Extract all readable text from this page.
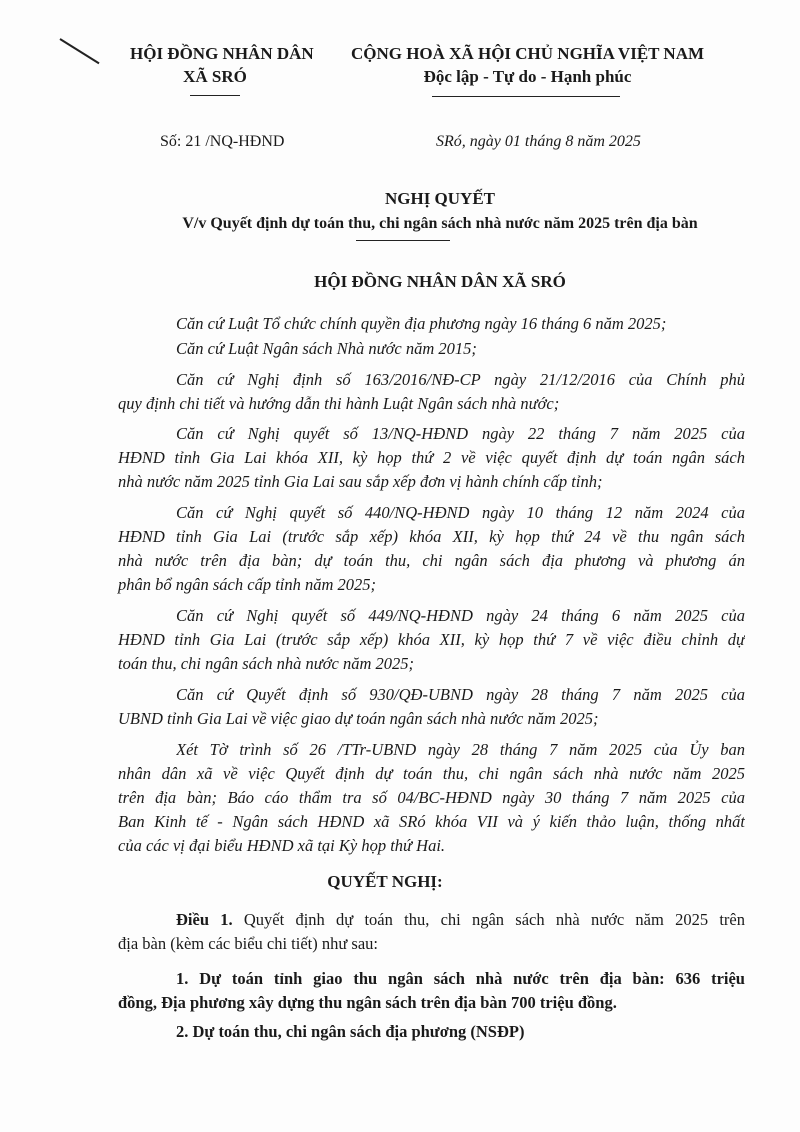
HỘI ĐỒNG NHÂN DÂN
XÃ SRÓ
CỘNG HOÀ XÃ HỘI CHỦ NGHĨA VIỆT NAM
Độc lập - Tự do - Hạnh phúc
Số: 21 /NQ-HĐND	SRó, ngày 01 tháng 8 năm 2025
NGHỊ QUYẾT
V/v Quyết định dự toán thu, chi ngân sách nhà nước năm 2025 trên địa bàn
HỘI ĐỒNG NHÂN DÂN XÃ SRÓ
Căn cứ Luật Tổ chức chính quyền địa phương ngày 16 tháng 6 năm 2025;
Căn cứ Luật Ngân sách Nhà nước năm 2015;
Căn cứ Nghị định số 163/2016/NĐ-CP ngày 21/12/2016 của Chính phủ
quy định chi tiết và hướng dẫn thi hành Luật Ngân sách nhà nước;
Căn cứ Nghị quyết số 13/NQ-HĐND ngày 22 tháng 7 năm 2025 của
HĐND tỉnh Gia Lai khóa XII, kỳ họp thứ 2 về việc quyết định dự toán ngân sách
nhà nước năm 2025 tỉnh Gia Lai sau sắp xếp đơn vị hành chính cấp tỉnh;
Căn cứ Nghị quyết số 440/NQ-HĐND ngày 10 tháng 12 năm 2024 của
HĐND tỉnh Gia Lai (trước sắp xếp) khóa XII, kỳ họp thứ 24 về thu ngân sách
nhà nước trên địa bàn; dự toán thu, chi ngân sách địa phương và phương án
phân bổ ngân sách cấp tỉnh năm 2025;
Căn cứ Nghị quyết số 449/NQ-HĐND ngày 24 tháng 6 năm 2025 của
HĐND tỉnh Gia Lai (trước sắp xếp) khóa XII, kỳ họp thứ 7 về việc điều chỉnh dự
toán thu, chi ngân sách nhà nước năm 2025;
Căn cứ Quyết định số 930/QĐ-UBND ngày 28 tháng 7 năm 2025 của
UBND tỉnh Gia Lai về việc giao dự toán ngân sách nhà nước năm 2025;
Xét Tờ trình số 26 /TTr-UBND ngày 28 tháng 7 năm 2025 của Ủy ban
nhân dân xã về việc Quyết định dự toán thu, chi ngân sách nhà nước năm 2025
trên địa bàn; Báo cáo thẩm tra số 04/BC-HĐND ngày 30 tháng 7 năm 2025 của
Ban Kinh tế - Ngân sách HĐND xã SRó khóa VII và ý kiến thảo luận, thống nhất
của các vị đại biểu HĐND xã tại Kỳ họp thứ Hai.
QUYẾT NGHỊ:
Điều 1. Quyết định dự toán thu, chi ngân sách nhà nước năm 2025 trên
địa bàn (kèm các biểu chi tiết) như sau:
1. Dự toán tỉnh giao thu ngân sách nhà nước trên địa bàn: 636 triệu
đồng, Địa phương xây dựng thu ngân sách trên địa bàn 700 triệu đồng.
2. Dự toán thu, chi ngân sách địa phương (NSĐP)
